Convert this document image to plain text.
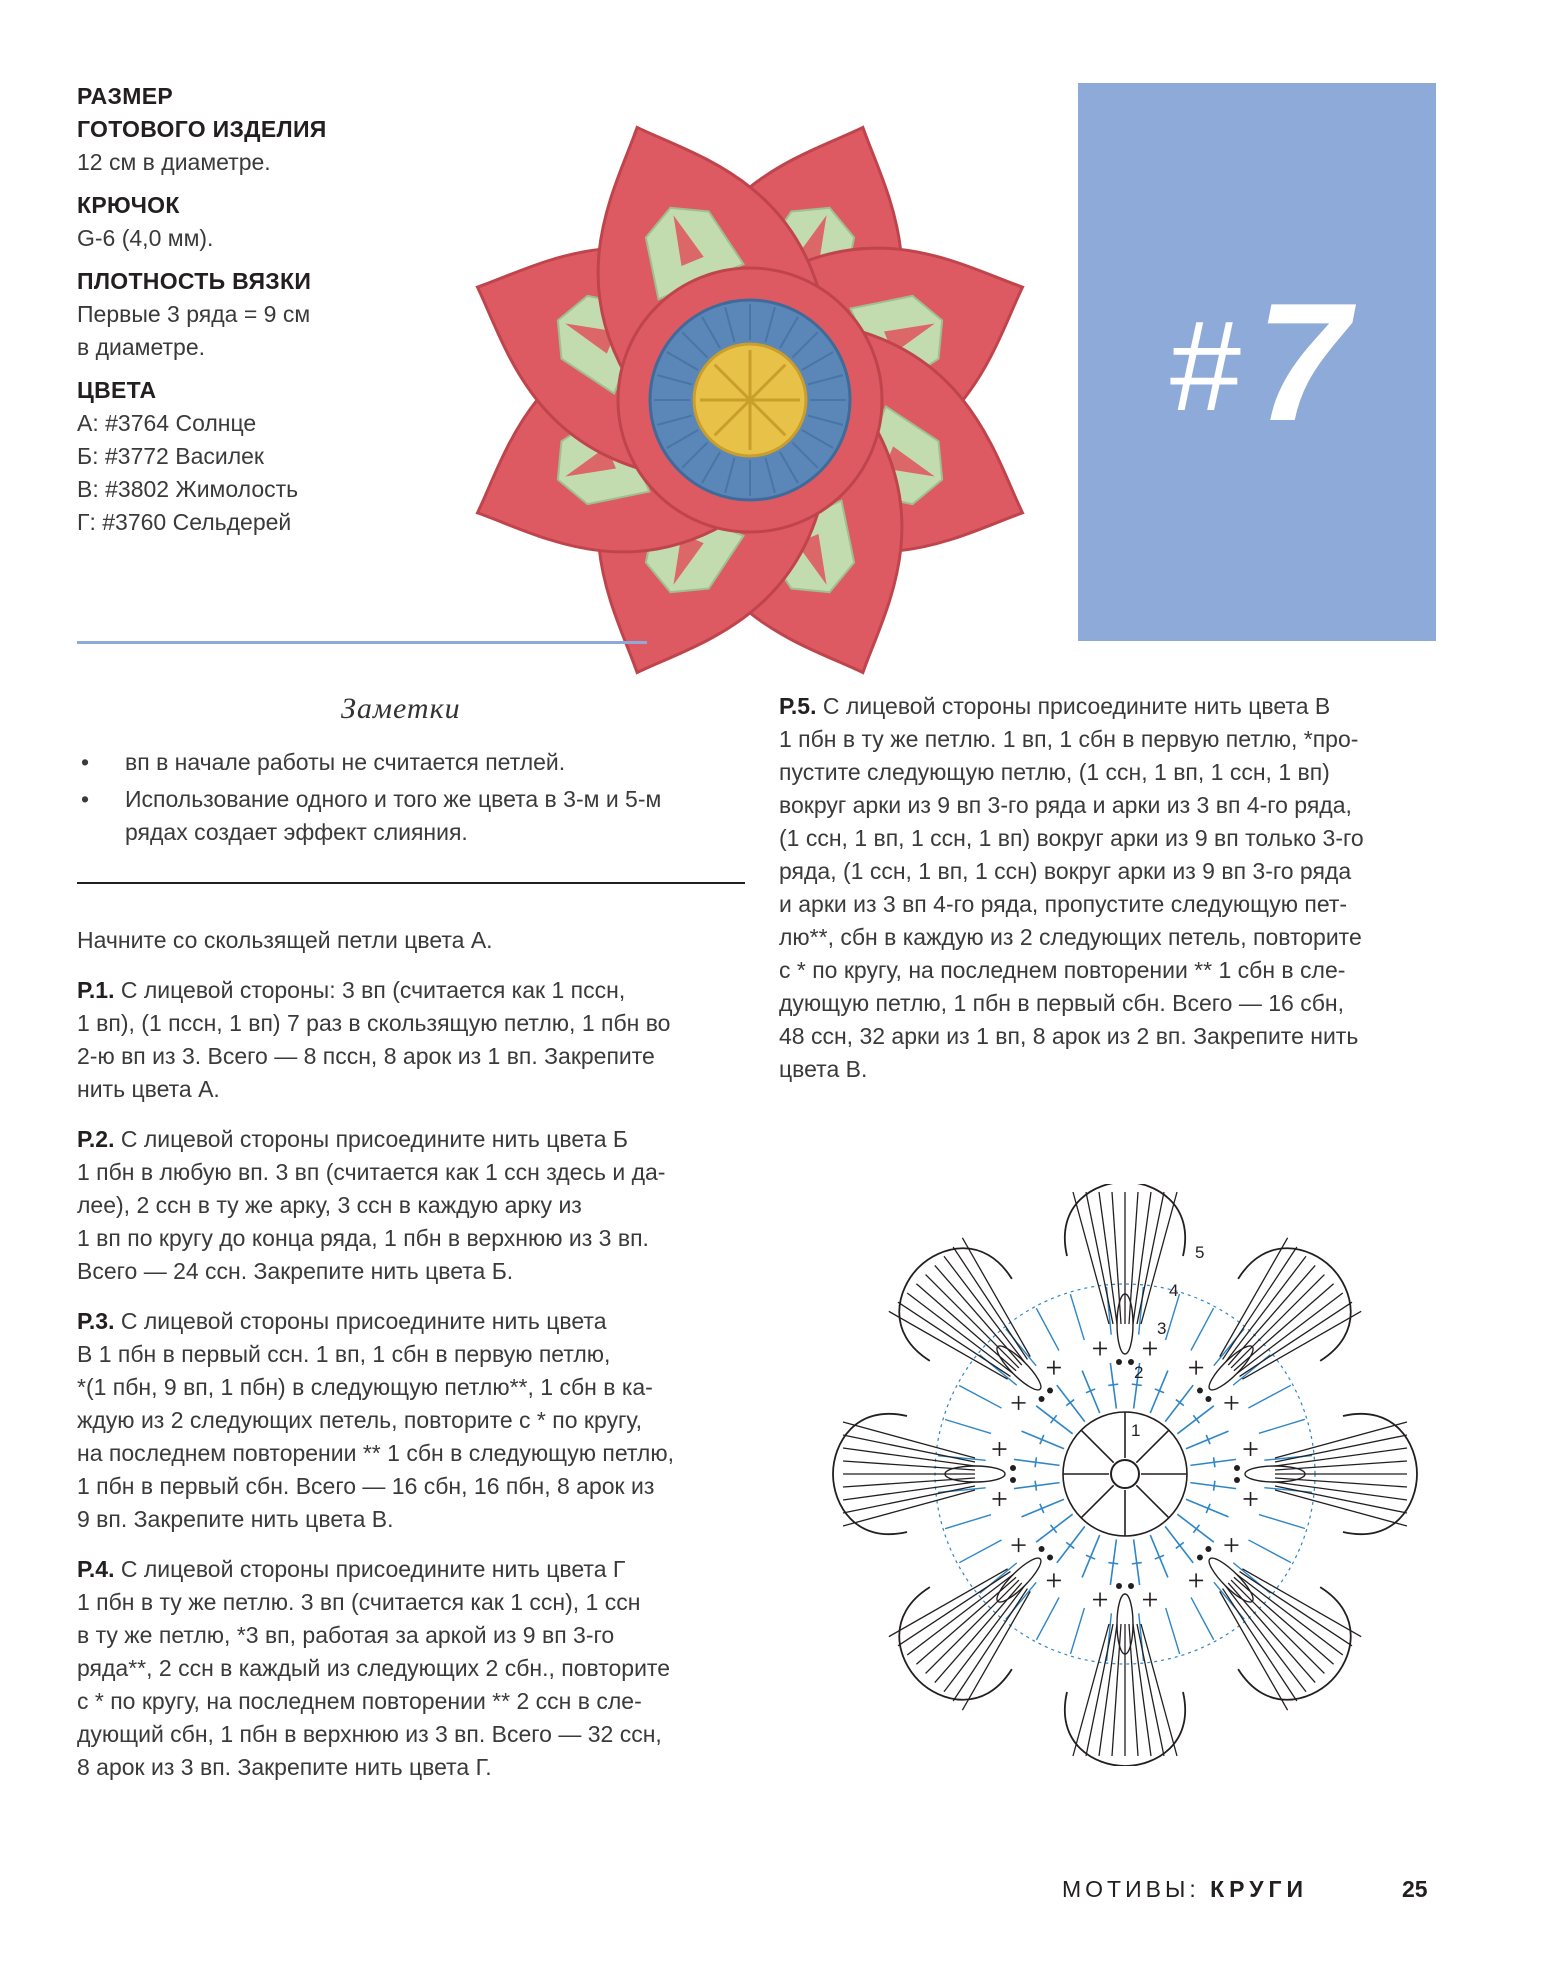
РАЗМЕР
ГОТОВОГО ИЗДЕЛИЯ
12 см в диаметре.
КРЮЧОК
G-6 (4,0 мм).
ПЛОТНОСТЬ ВЯЗКИ
Первые 3 ряда = 9 см
в диаметре.
ЦВЕТА
А: #3764 Солнце
Б: #3772 Василек
В: #3802 Жимолость
Г: #3760 Сельдерей
# 7
Заметки
• вп в начале работы не считается петлей.
• Использование одного и того же цвета в 3-м и 5-м
рядах создает эффект слияния.

Начните со скользящей петли цвета А.

Р.1. С лицевой стороны: 3 вп (считается как 1 пссн,

1 вп), (1 пссн, 1 вп) 7 раз в скользящую петлю, 1 пбн во

2-ю вп из 3. Всего — 8 пссн, 8 арок из 1 вп. Закрепите

нить цвета А.

Р.2. С лицевой стороны присоедините нить цвета Б

1 пбн в любую вп. 3 вп (считается как 1 ссн здесь и да-

лее), 2 ссн в ту же арку, 3 ссн в каждую арку из

1 вп по кругу до конца ряда, 1 пбн в верхнюю из 3 вп.

Всего — 24 ссн. Закрепите нить цвета Б.

Р.3. С лицевой стороны присоедините нить цвета

В 1 пбн в первый ссн. 1 вп, 1 сбн в первую петлю,

*(1 пбн, 9 вп, 1 пбн) в следующую петлю**, 1 сбн в ка-

ждую из 2 следующих петель, повторите с * по кругу,

на последнем повторении ** 1 сбн в следующую петлю,

1 пбн в первый сбн. Всего — 16 сбн, 16 пбн, 8 арок из

9 вп. Закрепите нить цвета В.

Р.4. С лицевой стороны присоедините нить цвета Г

1 пбн в ту же петлю. 3 вп (считается как 1 ссн), 1 ссн

в ту же петлю, *3 вп, работая за аркой из 9 вп 3-го

ряда**, 2 ссн в каждый из следующих 2 сбн., повторите

с * по кругу, на последнем повторении ** 2 ссн в сле-

дующий сбн, 1 пбн в верхнюю из 3 вп. Всего — 32 ссн,

8 арок из 3 вп. Закрепите нить цвета Г.

Р.5. С лицевой стороны присоедините нить цвета В

1 пбн в ту же петлю. 1 вп, 1 сбн в первую петлю, *про-

пустите следующую петлю, (1 ссн, 1 вп, 1 ссн, 1 вп)

вокруг арки из 9 вп 3-го ряда и арки из 3 вп 4-го ряда,

(1 ссн, 1 вп, 1 ссн, 1 вп) вокруг арки из 9 вп только 3-го

ряда, (1 ссн, 1 вп, 1 ссн) вокруг арки из 9 вп 3-го ряда

и арки из 3 вп 4-го ряда, пропустите следующую пет-

лю**, сбн в каждую из 2 следующих петель, повторите

с * по кругу, на последнем повторении ** 1 сбн в сле-

дующую петлю, 1 пбн в первый сбн. Всего — 16 сбн,

48 ссн, 32 арки из 1 вп, 8 арок из 2 вп. Закрепите нить

цвета В.

1
2
3
4
5
МОТИВЫ: КРУГИ	25
